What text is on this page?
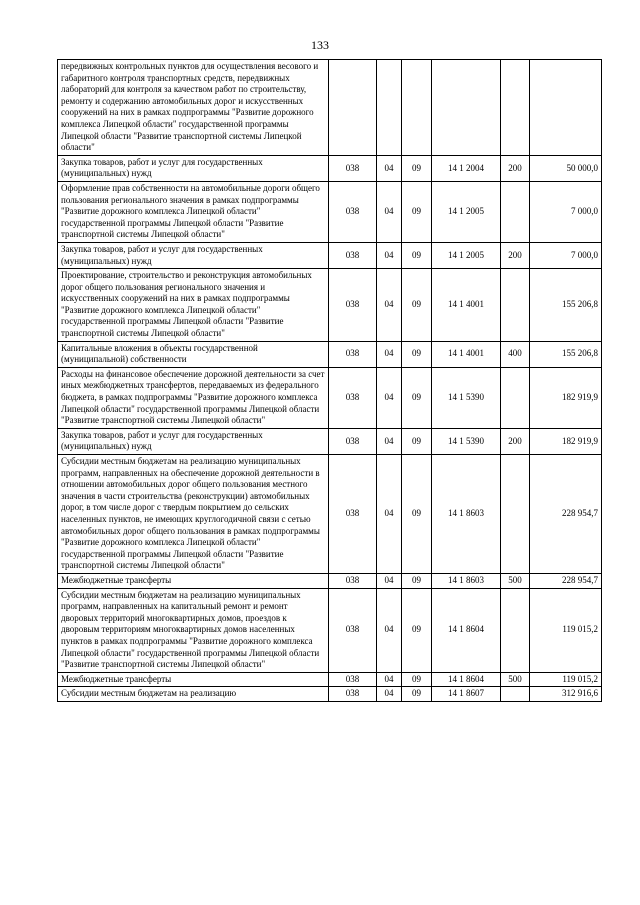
133
передвижных контрольных пунктов для осуществления весового и габаритного контроля транспортных средств, передвижных лабораторий для контроля за качеством работ по строительству, ремонту и содержанию автомобильных дорог и искусственных сооружений на них в рамках подпрограммы "Развитие дорожного комплекса Липецкой области" государственной программы Липецкой области "Развитие транспортной системы Липецкой области"						
Закупка товаров, работ и услуг для государственных (муниципальных) нужд	038	04	09	14 1 2004	200	50 000,0
Оформление прав собственности на автомобильные дороги общего пользования регионального значения в рамках подпрограммы "Развитие дорожного комплекса Липецкой области" государственной программы Липецкой области "Развитие транспортной системы Липецкой области"	038	04	09	14 1 2005		7 000,0
Закупка товаров, работ и услуг для государственных (муниципальных) нужд	038	04	09	14 1 2005	200	7 000,0
Проектирование, строительство и реконструкция автомобильных дорог общего пользования регионального значения и искусственных сооружений на них в рамках подпрограммы "Развитие дорожного комплекса Липецкой области" государственной программы Липецкой области "Развитие транспортной системы Липецкой области"	038	04	09	14 1 4001		155 206,8
Капитальные вложения в объекты государственной (муниципальной) собственности	038	04	09	14 1 4001	400	155 206,8
Расходы на финансовое обеспечение дорожной деятельности за счет иных межбюджетных трансфертов, передаваемых из федерального бюджета, в рамках подпрограммы "Развитие дорожного комплекса Липецкой области" государственной программы Липецкой области "Развитие транспортной системы Липецкой области"	038	04	09	14 1 5390		182 919,9
Закупка товаров, работ и услуг для государственных (муниципальных) нужд	038	04	09	14 1 5390	200	182 919,9
Субсидии местным бюджетам на реализацию муниципальных программ, направленных на обеспечение дорожной деятельности в отношении автомобильных дорог общего пользования местного значения в части строительства (реконструкции) автомобильных дорог, в том числе дорог с твердым покрытием до сельских населенных пунктов, не имеющих круглогодичной связи с сетью автомобильных дорог общего пользования в рамках подпрограммы "Развитие дорожного комплекса Липецкой области" государственной программы Липецкой области "Развитие транспортной системы Липецкой области"	038	04	09	14 1 8603		228 954,7
Межбюджетные трансферты	038	04	09	14 1 8603	500	228 954,7
Субсидии местным бюджетам на реализацию муниципальных программ, направленных на капитальный ремонт и ремонт дворовых территорий многоквартирных домов, проездов к дворовым территориям многоквартирных домов населенных пунктов в рамках подпрограммы "Развитие дорожного комплекса Липецкой области" государственной программы Липецкой области "Развитие транспортной системы Липецкой области"	038	04	09	14 1 8604		119 015,2
Межбюджетные трансферты	038	04	09	14 1 8604	500	119 015,2
Субсидии местным бюджетам на реализацию	038	04	09	14 1 8607		312 916,6
